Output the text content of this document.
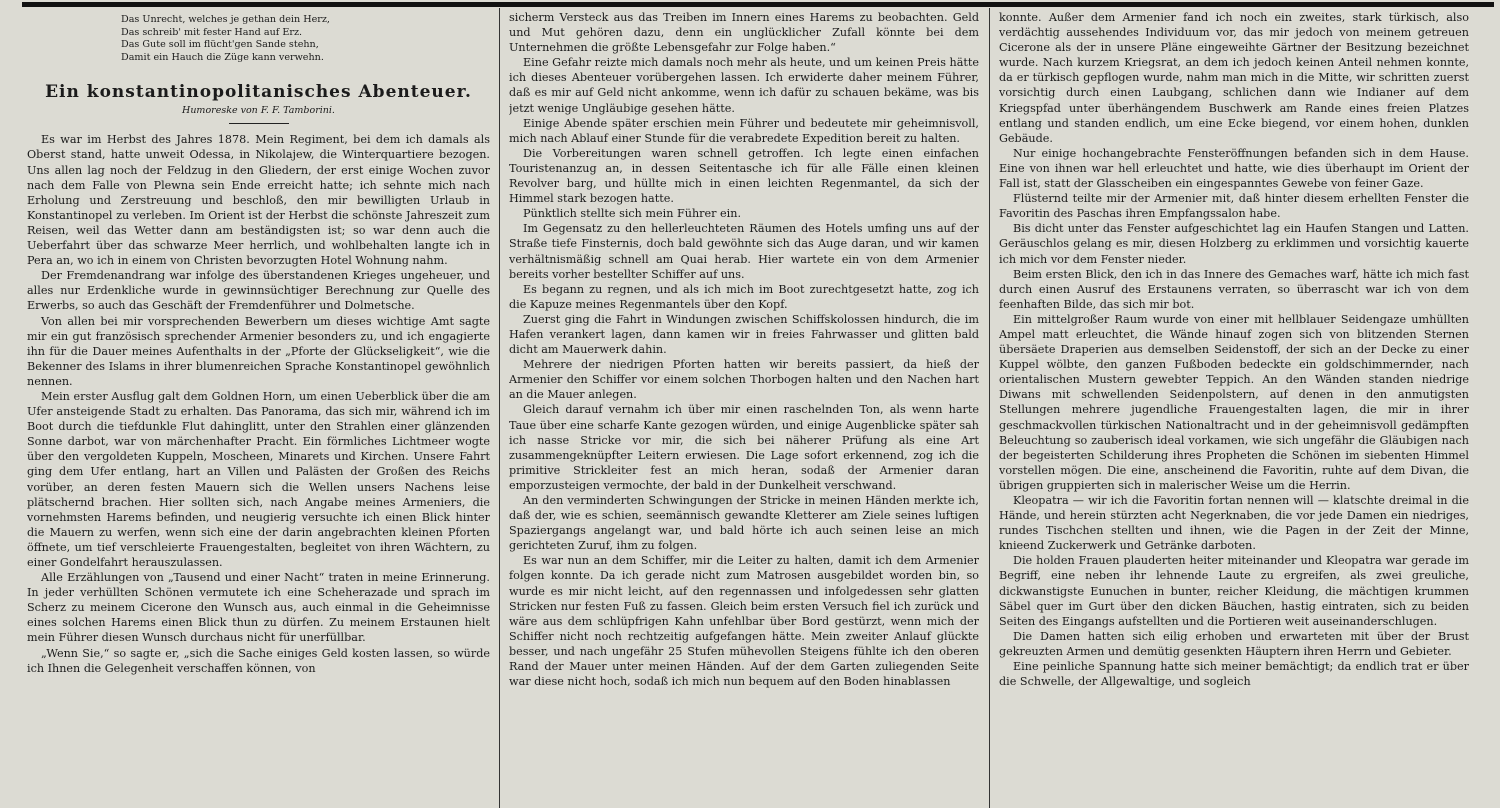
Das Unrecht, welches je gethan dein Herz,
Das schreib' mit fester Hand auf Erz.
Das Gute soll im flücht'gen Sande stehn,
Damit ein Hauch die Züge kann verwehn.
Ein konstantinopolitanisches Abenteuer.
Humoreske von F. F. Tamborini.

Es war im Herbst des Jahres 1878. Mein Regiment, bei dem ich damals als Oberst stand, hatte unweit Odessa, in Nikolajew, die Winterquartiere bezogen. Uns allen lag noch der Feldzug in den Gliedern, der erst einige Wochen zuvor nach dem Falle von Plewna sein Ende erreicht hatte; ich sehnte mich nach Erholung und Zerstreuung und beschloß, den mir bewilligten Urlaub in Konstantinopel zu verleben. Im Orient ist der Herbst die schönste Jahreszeit zum Reisen, weil das Wetter dann am beständigsten ist; so war denn auch die Ueberfahrt über das schwarze Meer herrlich, und wohlbehalten langte ich in Pera an, wo ich in einem von Christen bevorzugten Hotel Wohnung nahm.

Der Fremdenandrang war infolge des überstandenen Krieges ungeheuer, und alles nur Erdenkliche wurde in gewinnsüchtiger Berechnung zur Quelle des Erwerbs, so auch das Geschäft der Fremdenführer und Dolmetsche.

Von allen bei mir vorsprechenden Bewerbern um dieses wichtige Amt sagte mir ein gut französisch sprechender Armenier besonders zu, und ich engagierte ihn für die Dauer meines Aufenthalts in der „Pforte der Glückseligkeit“, wie die Bekenner des Islams in ihrer blumenreichen Sprache Konstantinopel gewöhnlich nennen.

Mein erster Ausflug galt dem Goldnen Horn, um einen Ueberblick über die am Ufer ansteigende Stadt zu erhalten. Das Panorama, das sich mir, während ich im Boot durch die tiefdunkle Flut dahinglitt, unter den Strahlen einer glänzenden Sonne darbot, war von märchenhafter Pracht. Ein förmliches Lichtmeer wogte über den vergoldeten Kuppeln, Moscheen, Minarets und Kirchen. Unsere Fahrt ging dem Ufer entlang, hart an Villen und Palästen der Großen des Reichs vorüber, an deren festen Mauern sich die Wellen unsers Nachens leise plätschernd brachen. Hier sollten sich, nach Angabe meines Armeniers, die vornehmsten Harems befinden, und neugierig versuchte ich einen Blick hinter die Mauern zu werfen, wenn sich eine der darin angebrachten kleinen Pforten öffnete, um tief verschleierte Frauengestalten, begleitet von ihren Wächtern, zu einer Gondelfahrt herauszulassen.

Alle Erzählungen von „Tausend und einer Nacht“ traten in meine Erinnerung. In jeder verhüllten Schönen vermutete ich eine Scheherazade und sprach im Scherz zu meinem Cicerone den Wunsch aus, auch einmal in die Geheimnisse eines solchen Harems einen Blick thun zu dürfen. Zu meinem Erstaunen hielt mein Führer diesen Wunsch durchaus nicht für unerfüllbar.

„Wenn Sie,“ so sagte er, „sich die Sache einiges Geld kosten lassen, so würde ich Ihnen die Gelegenheit verschaffen können, von

sicherm Versteck aus das Treiben im Innern eines Harems zu beobachten. Geld und Mut gehören dazu, denn ein unglücklicher Zufall könnte bei dem Unternehmen die größte Lebensgefahr zur Folge haben.“

Eine Gefahr reizte mich damals noch mehr als heute, und um keinen Preis hätte ich dieses Abenteuer vorübergehen lassen. Ich erwiderte daher meinem Führer, daß es mir auf Geld nicht ankomme, wenn ich dafür zu schauen bekäme, was bis jetzt wenige Ungläubige gesehen hätte.

Einige Abende später erschien mein Führer und bedeutete mir geheimnisvoll, mich nach Ablauf einer Stunde für die verabredete Expedition bereit zu halten.

Die Vorbereitungen waren schnell getroffen. Ich legte einen einfachen Touristenanzug an, in dessen Seitentasche ich für alle Fälle einen kleinen Revolver barg, und hüllte mich in einen leichten Regenmantel, da sich der Himmel stark bezogen hatte.

Pünktlich stellte sich mein Führer ein.

Im Gegensatz zu den hellerleuchteten Räumen des Hotels umfing uns auf der Straße tiefe Finsternis, doch bald gewöhnte sich das Auge daran, und wir kamen verhältnismäßig schnell am Quai herab. Hier wartete ein von dem Armenier bereits vorher bestellter Schiffer auf uns.

Es begann zu regnen, und als ich mich im Boot zurechtgesetzt hatte, zog ich die Kapuze meines Regenmantels über den Kopf.

Zuerst ging die Fahrt in Windungen zwischen Schiffskolossen hindurch, die im Hafen verankert lagen, dann kamen wir in freies Fahrwasser und glitten bald dicht am Mauerwerk dahin.

Mehrere der niedrigen Pforten hatten wir bereits passiert, da hieß der Armenier den Schiffer vor einem solchen Thorbogen halten und den Nachen hart an die Mauer anlegen.

Gleich darauf vernahm ich über mir einen raschelnden Ton, als wenn harte Taue über eine scharfe Kante gezogen würden, und einige Augenblicke später sah ich nasse Stricke vor mir, die sich bei näherer Prüfung als eine Art zusammengeknüpfter Leitern erwiesen. Die Lage sofort erkennend, zog ich die primitive Strickleiter fest an mich heran, sodaß der Armenier daran emporzusteigen vermochte, der bald in der Dunkelheit verschwand.

An den verminderten Schwingungen der Stricke in meinen Händen merkte ich, daß der, wie es schien, seemännisch gewandte Kletterer am Ziele seines luftigen Spaziergangs angelangt war, und bald hörte ich auch seinen leise an mich gerichteten Zuruf, ihm zu folgen.

Es war nun an dem Schiffer, mir die Leiter zu halten, damit ich dem Armenier folgen konnte. Da ich gerade nicht zum Matrosen ausgebildet worden bin, so wurde es mir nicht leicht, auf den regennassen und infolgedessen sehr glatten Stricken nur festen Fuß zu fassen. Gleich beim ersten Versuch fiel ich zurück und wäre aus dem schlüpfrigen Kahn unfehlbar über Bord gestürzt, wenn mich der Schiffer nicht noch rechtzeitig aufgefangen hätte. Mein zweiter Anlauf glückte besser, und nach ungefähr 25 Stufen mühevollen Steigens fühlte ich den oberen Rand der Mauer unter meinen Händen. Auf der dem Garten zuliegenden Seite war diese nicht hoch, sodaß ich mich nun bequem auf den Boden hinablassen

konnte. Außer dem Armenier fand ich noch ein zweites, stark türkisch, also verdächtig aussehendes Individuum vor, das mir jedoch von meinem getreuen Cicerone als der in unsere Pläne eingeweihte Gärtner der Besitzung bezeichnet wurde. Nach kurzem Kriegsrat, an dem ich jedoch keinen Anteil nehmen konnte, da er türkisch gepflogen wurde, nahm man mich in die Mitte, wir schritten zuerst vorsichtig durch einen Laubgang, schlichen dann wie Indianer auf dem Kriegspfad unter überhängendem Buschwerk am Rande eines freien Platzes entlang und standen endlich, um eine Ecke biegend, vor einem hohen, dunklen Gebäude.

Nur einige hochangebrachte Fensteröffnungen befanden sich in dem Hause. Eine von ihnen war hell erleuchtet und hatte, wie dies überhaupt im Orient der Fall ist, statt der Glasscheiben ein eingespanntes Gewebe von feiner Gaze.

Flüsternd teilte mir der Armenier mit, daß hinter diesem erhellten Fenster die Favoritin des Paschas ihren Empfangssalon habe.

Bis dicht unter das Fenster aufgeschichtet lag ein Haufen Stangen und Latten. Geräuschlos gelang es mir, diesen Holzberg zu erklimmen und vorsichtig kauerte ich mich vor dem Fenster nieder.

Beim ersten Blick, den ich in das Innere des Gemaches warf, hätte ich mich fast durch einen Ausruf des Erstaunens verraten, so überrascht war ich von dem feenhaften Bilde, das sich mir bot.

Ein mittelgroßer Raum wurde von einer mit hellblauer Seidengaze umhüllten Ampel matt erleuchtet, die Wände hinauf zogen sich von blitzenden Sternen übersäete Draperien aus demselben Seidenstoff, der sich an der Decke zu einer Kuppel wölbte, den ganzen Fußboden bedeckte ein goldschimmernder, nach orientalischen Mustern gewebter Teppich. An den Wänden standen niedrige Diwans mit schwellenden Seidenpolstern, auf denen in den anmutigsten Stellungen mehrere jugendliche Frauengestalten lagen, die mir in ihrer geschmackvollen türkischen Nationaltracht und in der geheimnisvoll gedämpften Beleuchtung so zauberisch ideal vorkamen, wie sich ungefähr die Gläubigen nach der begeisterten Schilderung ihres Propheten die Schönen im siebenten Himmel vorstellen mögen. Die eine, anscheinend die Favoritin, ruhte auf dem Divan, die übrigen gruppierten sich in malerischer Weise um die Herrin.

Kleopatra — wir ich die Favoritin fortan nennen will — klatschte dreimal in die Hände, und herein stürzten acht Negerknaben, die vor jede Damen ein niedriges, rundes Tischchen stellten und ihnen, wie die Pagen in der Zeit der Minne, knieend Zuckerwerk und Getränke darboten.

Die holden Frauen plauderten heiter miteinander und Kleopatra war gerade im Begriff, eine neben ihr lehnende Laute zu ergreifen, als zwei greuliche, dickwanstigste Eunuchen in bunter, reicher Kleidung, die mächtigen krummen Säbel quer im Gurt über den dicken Bäuchen, hastig eintraten, sich zu beiden Seiten des Eingangs aufstellten und die Portieren weit auseinanderschlugen.

Die Damen hatten sich eilig erhoben und erwarteten mit über der Brust gekreuzten Armen und demütig gesenkten Häuptern ihren Herrn und Gebieter.

Eine peinliche Spannung hatte sich meiner bemächtigt; da endlich trat er über die Schwelle, der Allgewaltige, und sogleich
